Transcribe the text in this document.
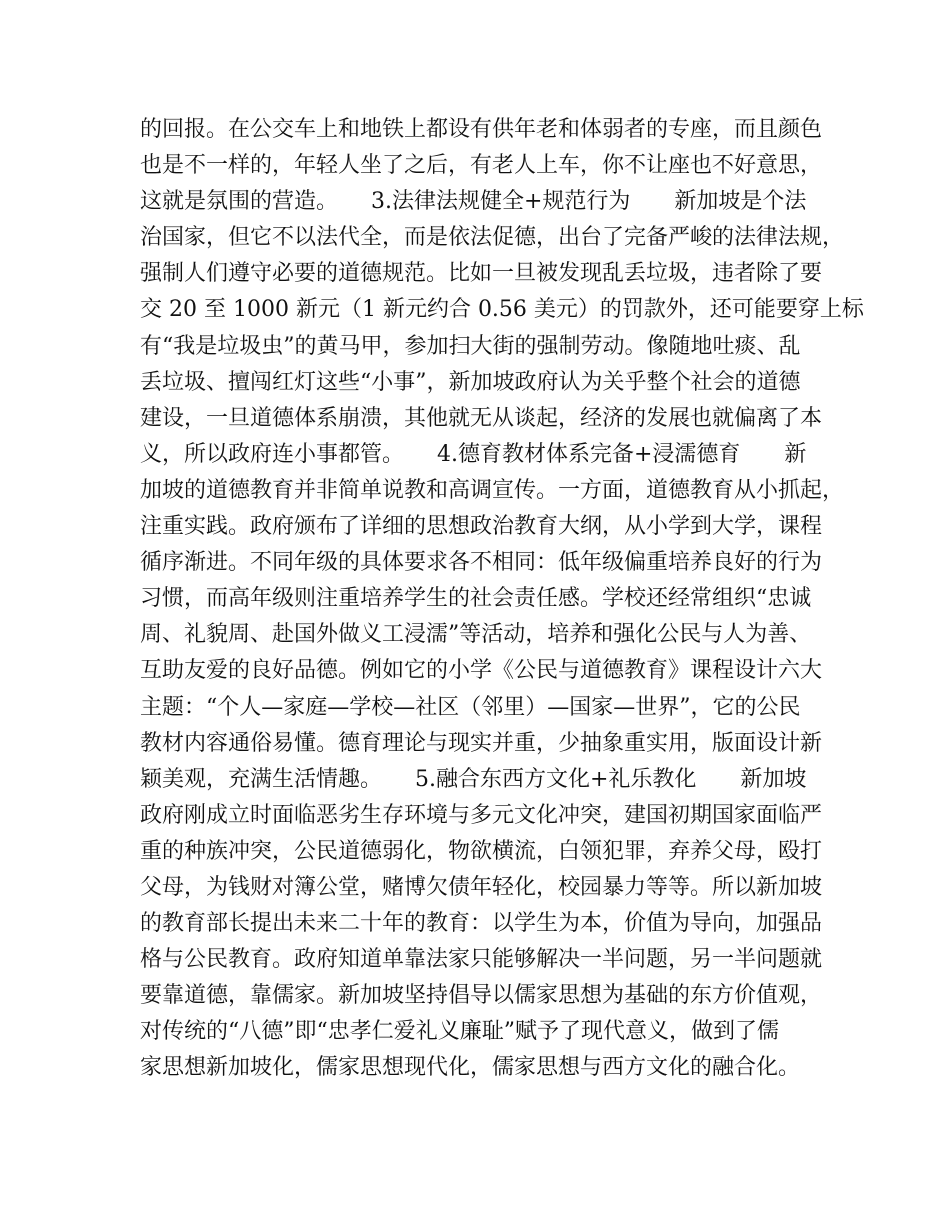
的回报。在公交车上和地铁上都设有供年老和体弱者的专座，而且颜色
也是不一样的，年轻人坐了之后，有老人上车，你不让座也不好意思，
这就是氛围的营造。　　3.法律法规健全+规范行为　　新加坡是个法
治国家，但它不以法代全，而是依法促德，出台了完备严峻的法律法规，
强制人们遵守必要的道德规范。比如一旦被发现乱丢垃圾，违者除了要
交 20 至 1000 新元（1 新元约合 0.56 美元）的罚款外，还可能要穿上标
有“我是垃圾虫”的黄马甲，参加扫大街的强制劳动。像随地吐痰、乱
丢垃圾、擅闯红灯这些“小事”，新加坡政府认为关乎整个社会的道德
建设，一旦道德体系崩溃，其他就无从谈起，经济的发展也就偏离了本
义，所以政府连小事都管。　　4.德育教材体系完备+浸濡德育　　新
加坡的道德教育并非简单说教和高调宣传。一方面，道德教育从小抓起，
注重实践。政府颁布了详细的思想政治教育大纲，从小学到大学，课程
循序渐进。不同年级的具体要求各不相同：低年级偏重培养良好的行为
习惯，而高年级则注重培养学生的社会责任感。学校还经常组织“忠诚
周、礼貌周、赴国外做义工浸濡”等活动，培养和强化公民与人为善、
互助友爱的良好品德。例如它的小学《公民与道德教育》课程设计六大
主题：“个人—家庭—学校—社区（邻里）—国家—世界”，它的公民
教材内容通俗易懂。德育理论与现实并重，少抽象重实用，版面设计新
颖美观，充满生活情趣。　　5.融合东西方文化+礼乐教化　　新加坡
政府刚成立时面临恶劣生存环境与多元文化冲突，建国初期国家面临严
重的种族冲突，公民道德弱化，物欲横流，白领犯罪，弃养父母，殴打
父母，为钱财对簿公堂，赌博欠债年轻化，校园暴力等等。所以新加坡
的教育部长提出未来二十年的教育：以学生为本，价值为导向，加强品
格与公民教育。政府知道单靠法家只能够解决一半问题，另一半问题就
要靠道德，靠儒家。新加坡坚持倡导以儒家思想为基础的东方价值观，
对传统的“八德”即“忠孝仁爱礼义廉耻”赋予了现代意义，做到了儒
家思想新加坡化，儒家思想现代化，儒家思想与西方文化的融合化。
